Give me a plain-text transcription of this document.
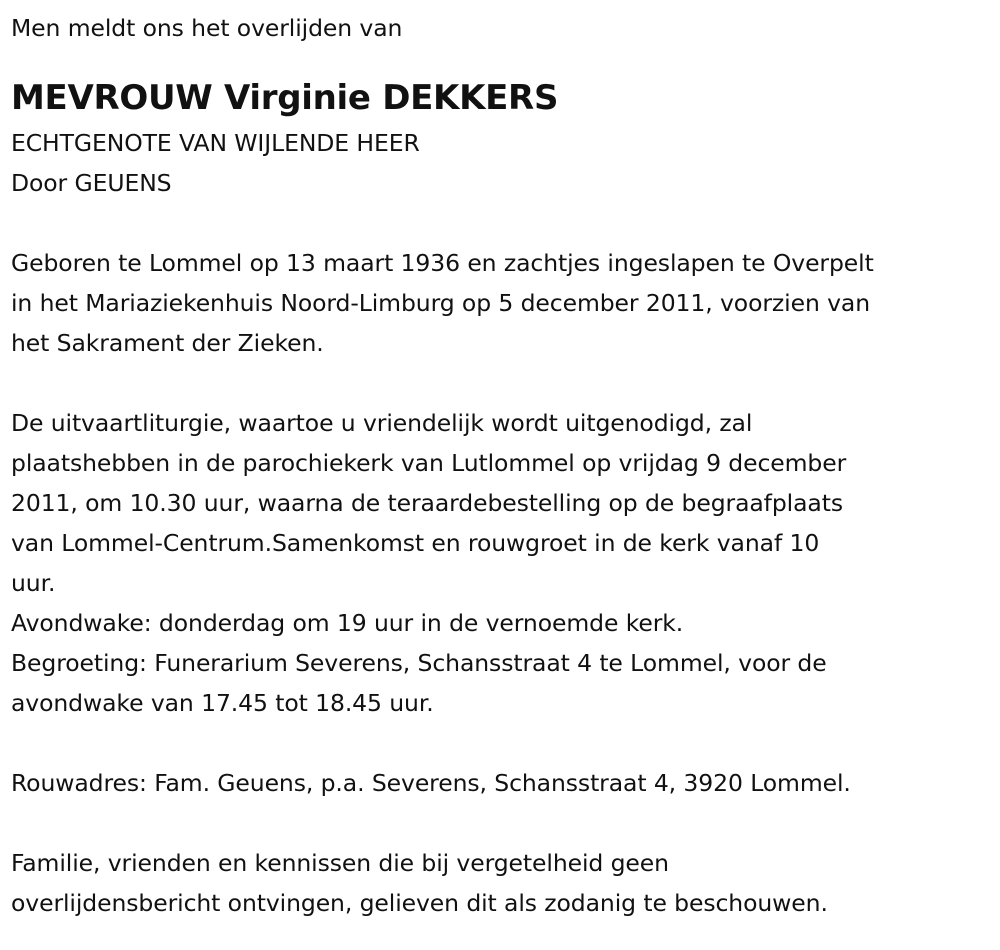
Men meldt ons het overlijden van
MEVROUW Virginie DEKKERS
ECHTGENOTE VAN WIJLENDE HEER
Door GEUENS
Geboren te Lommel op 13 maart 1936 en zachtjes ingeslapen te Overpelt
in het Mariaziekenhuis Noord-Limburg op 5 december 2011, voorzien van
het Sakrament der Zieken.
De uitvaartliturgie, waartoe u vriendelijk wordt uitgenodigd, zal
plaatshebben in de parochiekerk van Lutlommel op vrijdag 9 december
2011, om 10.30 uur, waarna de teraardebestelling op de begraafplaats
van Lommel-Centrum.Samenkomst en rouwgroet in de kerk vanaf 10
uur.
Avondwake: donderdag om 19 uur in de vernoemde kerk.
Begroeting: Funerarium Severens, Schansstraat 4 te Lommel, voor de
avondwake van 17.45 tot 18.45 uur.
Rouwadres: Fam. Geuens, p.a. Severens, Schansstraat 4, 3920 Lommel.
Familie, vrienden en kennissen die bij vergetelheid geen
overlijdensbericht ontvingen, gelieven dit als zodanig te beschouwen.
